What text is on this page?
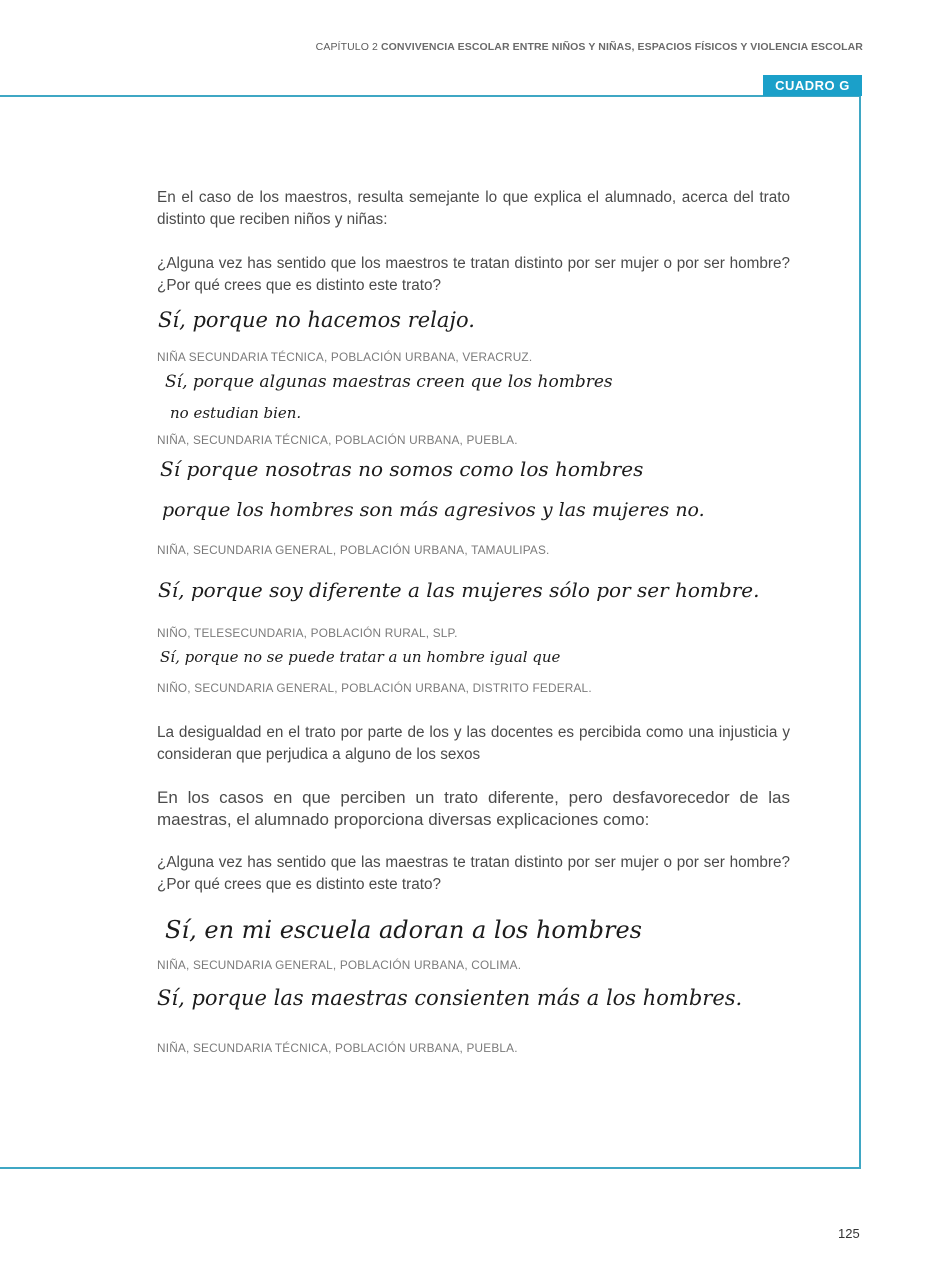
CAPÍTULO 2 CONVIVENCIA ESCOLAR ENTRE NIÑOS Y NIÑAS, ESPACIOS FÍSICOS Y VIOLENCIA ESCOLAR
CUADRO G

En el caso de los maestros, resulta semejante lo que explica el alumnado, acerca del trato distinto que reciben niños y niñas:

¿Alguna vez has sentido que los maestros te tratan distinto por ser mujer o por ser hombre? ¿Por qué crees que es distinto este trato?

Sí, porque no hacemos relajo.

NIÑA SECUNDARIA TÉCNICA, POBLACIÓN URBANA, VERACRUZ.

Sí, porque algunas maestras creen que los hombres

no estudian bien.

NIÑA, SECUNDARIA TÉCNICA, POBLACIÓN URBANA, PUEBLA.

Sí porque nosotras no somos como los hombres

porque los hombres son más agresivos y las mujeres no.

NIÑA, SECUNDARIA GENERAL, POBLACIÓN URBANA, TAMAULIPAS.

Sí, porque soy diferente a las mujeres sólo por ser hombre.

NIÑO, TELESECUNDARIA, POBLACIÓN RURAL, SLP.

Sí, porque no se puede tratar a un hombre igual que

NIÑO, SECUNDARIA GENERAL, POBLACIÓN URBANA, DISTRITO FEDERAL.

La desigualdad en el trato por parte de los y las docentes es percibida como una injusticia y consideran que perjudica a alguno de los sexos

En los casos en que perciben un trato diferente, pero desfavorecedor de las maestras, el alumnado proporciona diversas explicaciones como:

¿Alguna vez has sentido que las maestras te tratan distinto por ser mujer o por ser hombre? ¿Por qué crees que es distinto este trato?

Sí, en mi escuela adoran a los hombres

NIÑA, SECUNDARIA GENERAL, POBLACIÓN URBANA, COLIMA.

Sí, porque las maestras consienten más a los hombres.

NIÑA, SECUNDARIA TÉCNICA, POBLACIÓN URBANA, PUEBLA.

125
